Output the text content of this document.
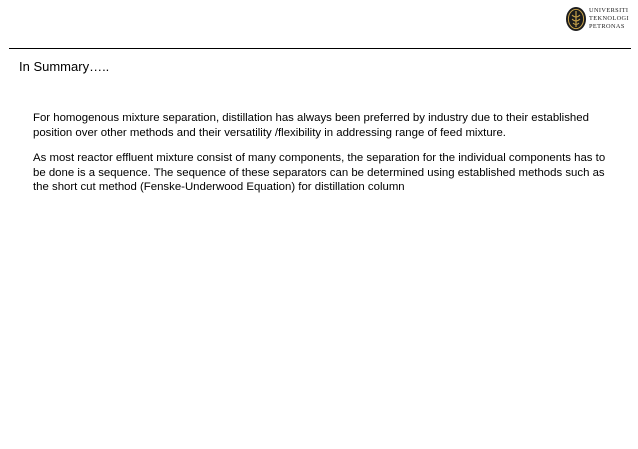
UNIVERSITI
TEKNOLOGI
PETRONAS
In Summary…..

For homogenous mixture separation, distillation has always been preferred by industry due to their established position over other methods and their versatility /flexibility in addressing range of feed mixture.

As most reactor effluent mixture consist of many components, the separation for the individual components has to be done is a sequence. The sequence of these separators can be determined using established methods such as the short cut method (Fenske-Underwood Equation) for distillation column
